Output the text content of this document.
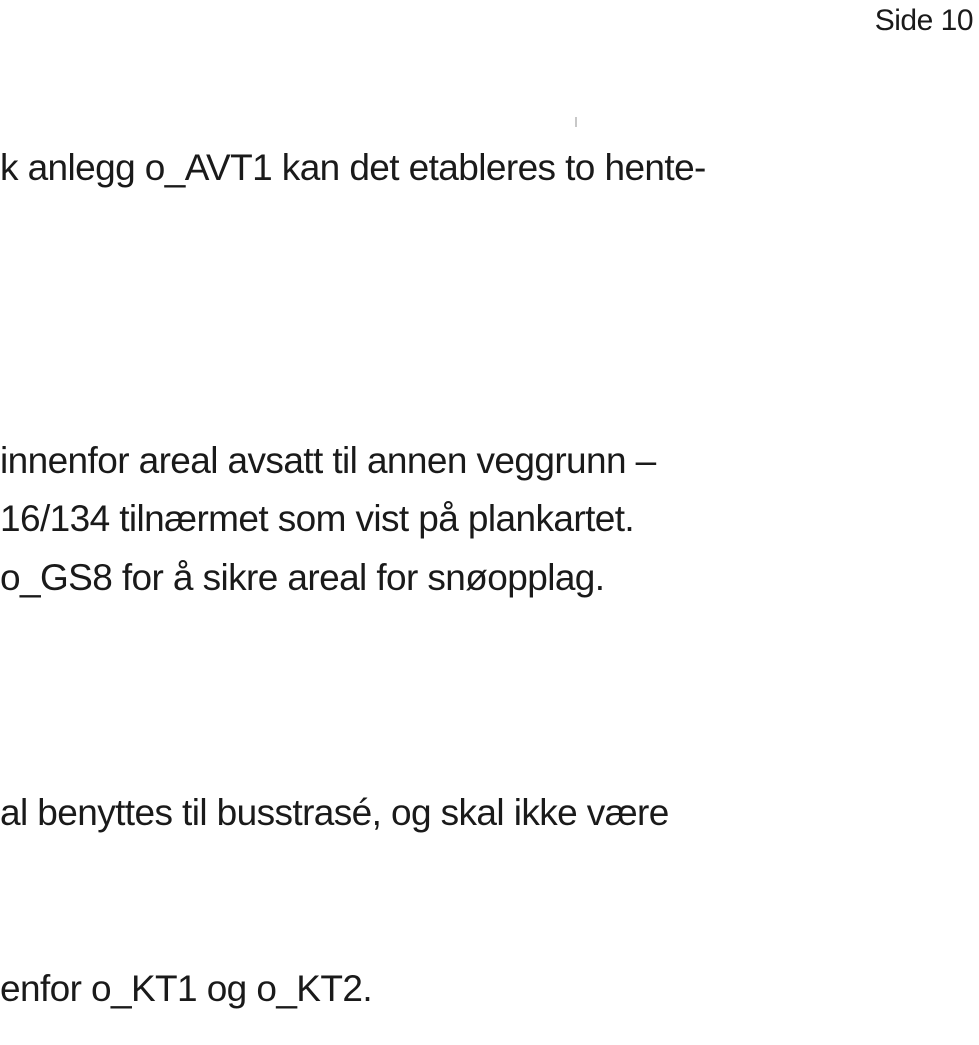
Side 10
k anlegg o_AVT1 kan det etableres to hente-
innenfor areal avsatt til annen veggrunn –
16/134 tilnærmet som vist på plankartet.
o_GS8 for å sikre areal for snøopplag.
al benyttes til busstrasé, og skal ikke være
enfor o_KT1 og o_KT2.
